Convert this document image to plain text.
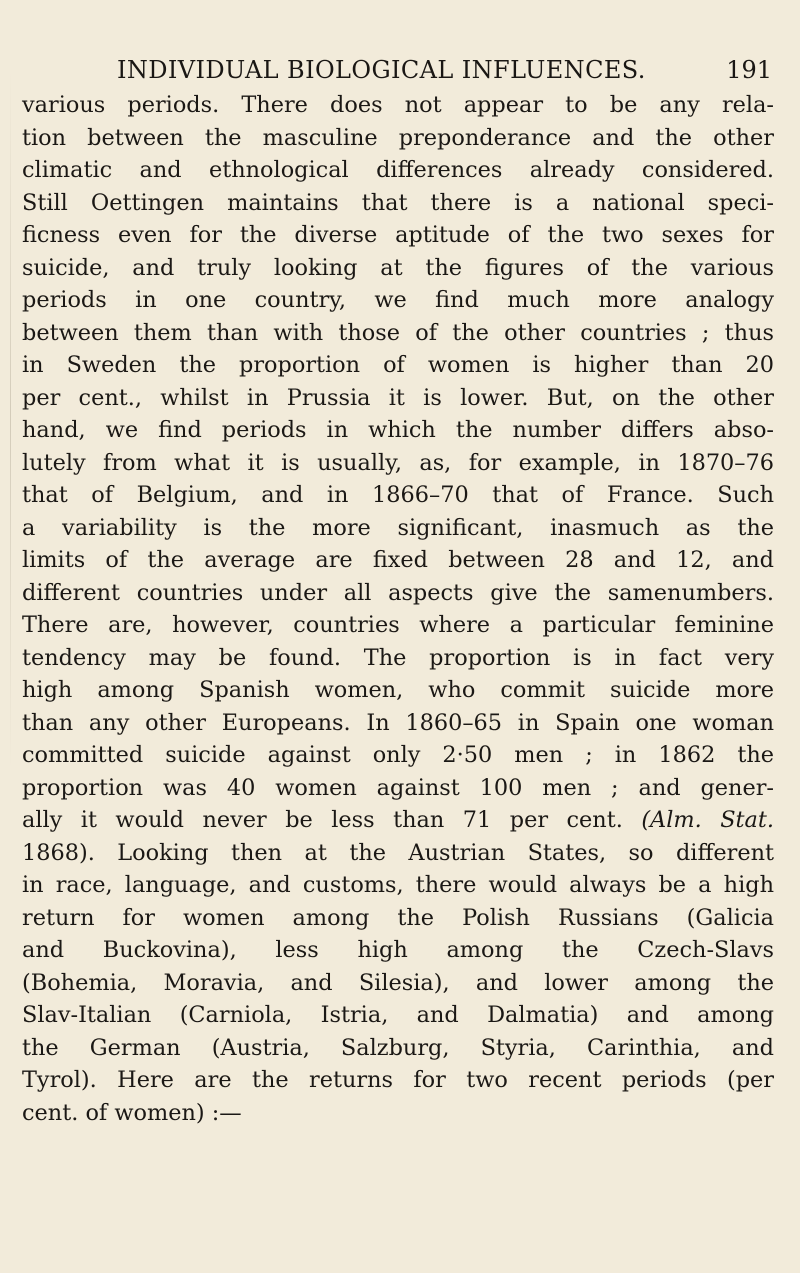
INDIVIDUAL BIOLOGICAL INFLUENCES.	191
various periods. There does not appear to be any rela-
tion between the masculine preponderance and the other
climatic and ethnological differences already considered.
Still Oettingen maintains that there is a national speci-
ficness even for the diverse aptitude of the two sexes for
suicide, and truly looking at the figures of the various
periods in one country, we find much more analogy
between them than with those of the other countries ; thus
in Sweden the proportion of women is higher than 20
per cent., whilst in Prussia it is lower. But, on the other
hand, we find periods in which the number differs abso-
lutely from what it is usually, as, for example, in 1870–76
that of Belgium, and in 1866–70 that of France. Such
a variability is the more significant, inasmuch as the
limits of the average are fixed between 28 and 12, and
different countries under all aspects give the samenumbers.
There are, however, countries where a particular feminine
tendency may be found. The proportion is in fact very
high among Spanish women, who commit suicide more
than any other Europeans. In 1860–65 in Spain one woman
committed suicide against only 2·50 men ; in 1862 the
proportion was 40 women against 100 men ; and gener-
ally it would never be less than 71 per cent. (Alm. Stat.
1868). Looking then at the Austrian States, so different
in race, language, and customs, there would always be a high
return for women among the Polish Russians (Galicia
and Buckovina), less high among the Czech-Slavs
(Bohemia, Moravia, and Silesia), and lower among the
Slav-Italian (Carniola, Istria, and Dalmatia) and among
the German (Austria, Salzburg, Styria, Carinthia, and
Tyrol). Here are the returns for two recent periods (per
cent. of women) :—
